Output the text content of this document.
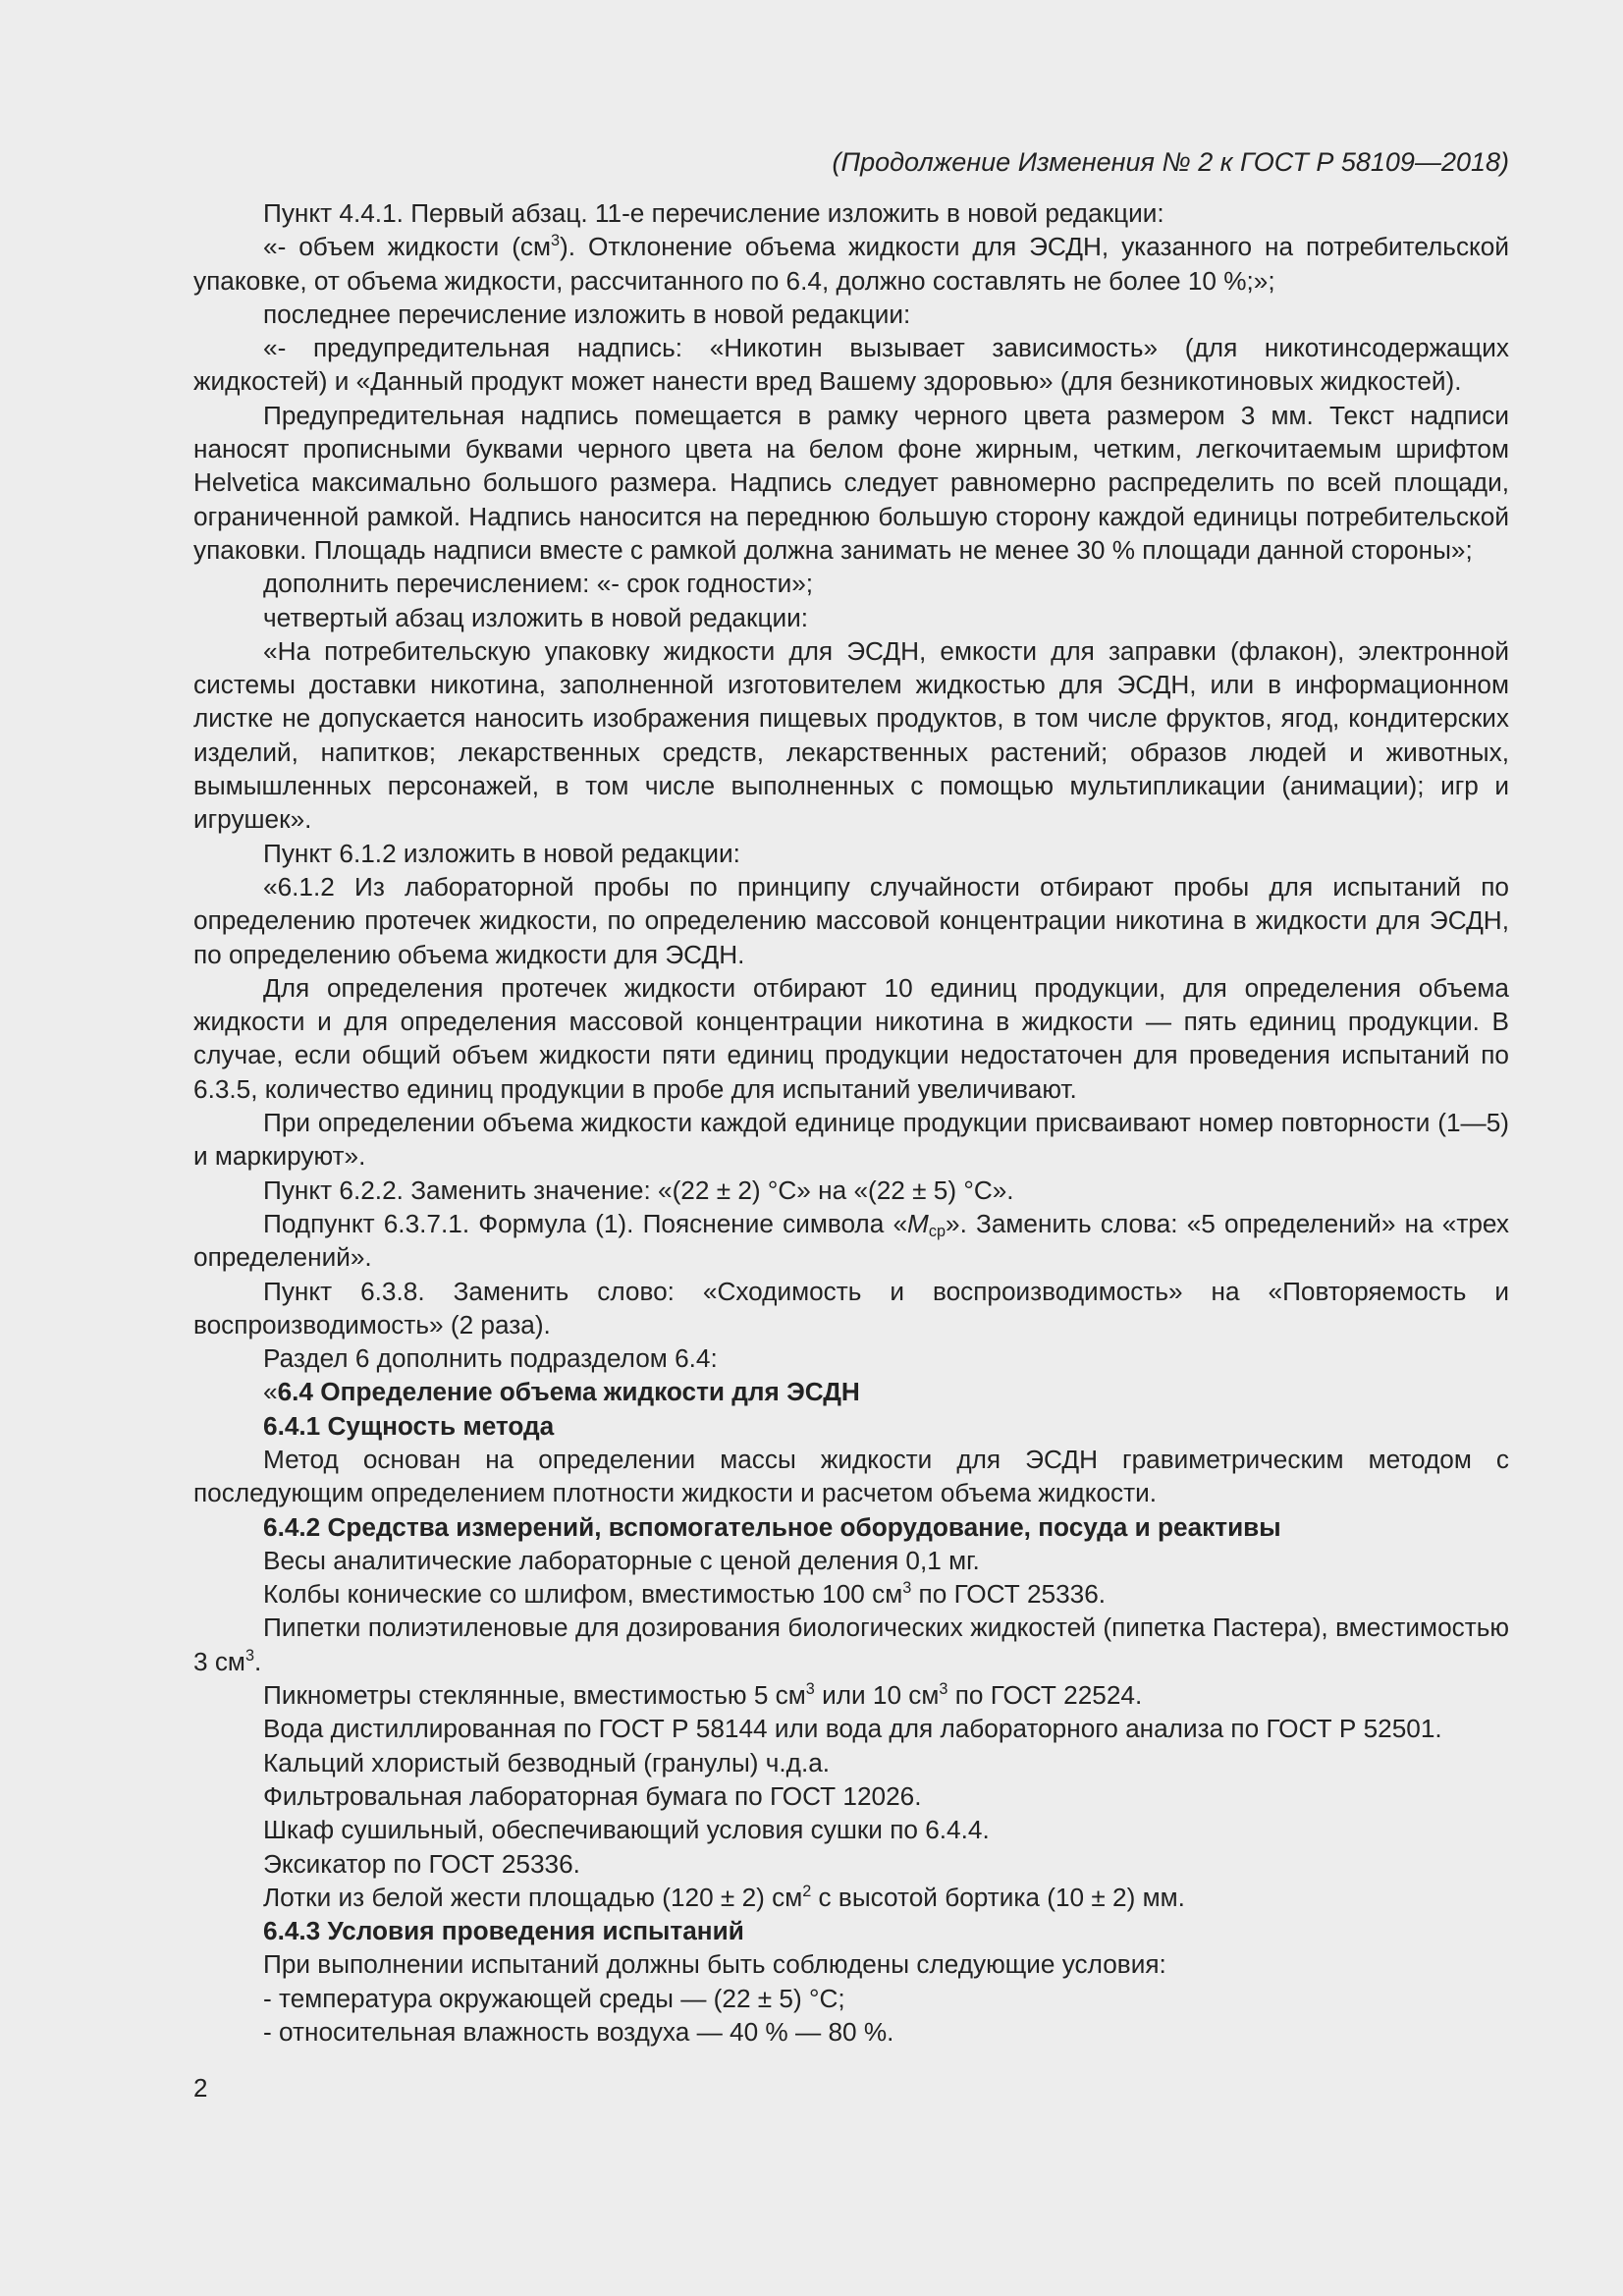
(Продолжение Изменения № 2 к ГОСТ Р 58109—2018)

Пункт 4.4.1. Первый абзац. 11-е перечисление изложить в новой редакции:

«- объем жидкости $(см^3)$. Отклонение объема жидкости для ЭСДН, указанного на потребительской упаковке, от объема жидкости, рассчитанного по 6.4, должно составлять не более 10 %;»;

последнее перечисление изложить в новой редакции:

«- предупредительная надпись: «Никотин вызывает зависимость» (для никотинсодержащих жидкостей) и «Данный продукт может нанести вред Вашему здоровью» (для безникотиновых жидкостей).

Предупредительная надпись помещается в рамку черного цвета размером 3 мм. Текст надписи наносят прописными буквами черного цвета на белом фоне жирным, четким, легкочитаемым шрифтом Helvetica максимально большого размера. Надпись следует равномерно распределить по всей площади, ограниченной рамкой. Надпись наносится на переднюю большую сторону каждой единицы потребительской упаковки. Площадь надписи вместе с рамкой должна занимать не менее 30 % площади данной стороны»;

дополнить перечислением: «- срок годности»;

четвертый абзац изложить в новой редакции:

«На потребительскую упаковку жидкости для ЭСДН, емкости для заправки (флакон), электронной системы доставки никотина, заполненной изготовителем жидкостью для ЭСДН, или в информационном листке не допускается наносить изображения пищевых продуктов, в том числе фруктов, ягод, кондитерских изделий, напитков; лекарственных средств, лекарственных растений; образов людей и животных, вымышленных персонажей, в том числе выполненных с помощью мультипликации (анимации); игр и игрушек».

Пункт 6.1.2 изложить в новой редакции:

«6.1.2 Из лабораторной пробы по принципу случайности отбирают пробы для испытаний по определению протечек жидкости, по определению массовой концентрации никотина в жидкости для ЭСДН, по определению объема жидкости для ЭСДН.

Для определения протечек жидкости отбирают 10 единиц продукции, для определения объема жидкости и для определения массовой концентрации никотина в жидкости — пять единиц продукции. В случае, если общий объем жидкости пяти единиц продукции недостаточен для проведения испытаний по 6.3.5, количество единиц продукции в пробе для испытаний увеличивают.

При определении объема жидкости каждой единице продукции присваивают номер повторности (1—5) и маркируют».

Пункт 6.2.2. Заменить значение: «(22 ± 2) °C» на «(22 ± 5) °C».

Подпункт 6.3.7.1. Формула (1). Пояснение символа «$M_{ср}$». Заменить слова: «5 определений» на «трех определений».

Пункт 6.3.8. Заменить слово: «Сходимость и воспроизводимость» на «Повторяемость и воспроизводимость» (2 раза).

Раздел 6 дополнить подразделом 6.4:

«6.4 Определение объема жидкости для ЭСДН

6.4.1 Сущность метода

Метод основан на определении массы жидкости для ЭСДН гравиметрическим методом с последующим определением плотности жидкости и расчетом объема жидкости.

6.4.2 Средства измерений, вспомогательное оборудование, посуда и реактивы

Весы аналитические лабораторные с ценой деления 0,1 мг.

Колбы конические со шлифом, вместимостью 100 $см^3$ по ГОСТ 25336.

Пипетки полиэтиленовые для дозирования биологических жидкостей (пипетка Пастера), вместимостью 3 $см^3$.

Пикнометры стеклянные, вместимостью 5 $см^3$ или 10 $см^3$ по ГОСТ 22524.

Вода дистиллированная по ГОСТ Р 58144 или вода для лабораторного анализа по ГОСТ Р 52501.

Кальций хлористый безводный (гранулы) ч.д.а.

Фильтровальная лабораторная бумага по ГОСТ 12026.

Шкаф сушильный, обеспечивающий условия сушки по 6.4.4.

Эксикатор по ГОСТ 25336.

Лотки из белой жести площадью (120 ± 2) $см^2$ с высотой бортика (10 ± 2) мм.

6.4.3 Условия проведения испытаний

При выполнении испытаний должны быть соблюдены следующие условия:

- температура окружающей среды — (22 ± 5) °C;

- относительная влажность воздуха — 40 % — 80 %.

2
